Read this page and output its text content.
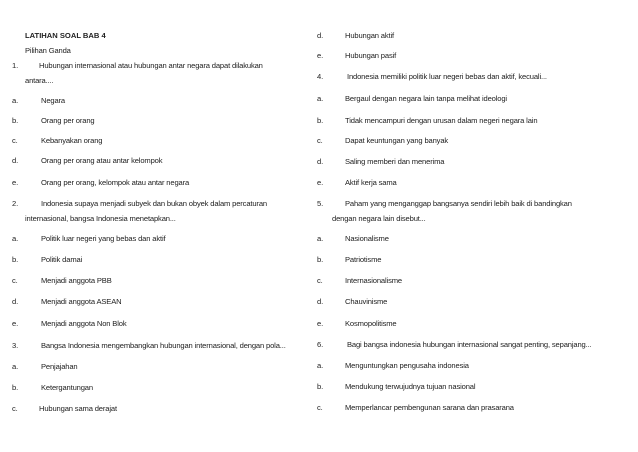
LATIHAN SOAL BAB 4
Pilihan Ganda
1.	Hubungan internasional atau hubungan antar negara dapat dilakukan
antara....
a.	Negara
b.	Orang per orang
c.	Kebanyakan orang
d.	Orang per orang atau antar kelompok
e.	Orang per orang, kelompok atau antar negara
2.	Indonesia supaya menjadi subyek dan bukan obyek dalam percaturan
internasional, bangsa Indonesia menetapkan...
a.	Politik luar negeri yang bebas dan aktif
b.	Politik damai
c.	Menjadi anggota PBB
d.	Menjadi anggota ASEAN
e.	Menjadi anggota Non Blok
3.	Bangsa Indonesia mengembangkan hubungan internasional, dengan pola...
a.	Penjajahan
b.	Ketergantungan
c.	Hubungan sama derajat
d.	Hubungan aktif
e.	Hubungan pasif
4.	Indonesia memiliki politik luar negeri bebas dan aktif, kecuali...
a.	Bergaul dengan negara lain tanpa melihat ideologi
b.	Tidak mencampuri dengan urusan dalam negeri negara lain
c.	Dapat keuntungan yang banyak
d.	Saling memberi dan menerima
e.	Aktif kerja sama
5.	Paham yang menganggap bangsanya sendiri lebih baik di bandingkan
dengan negara lain disebut...
a.	Nasionalisme
b.	Patriotisme
c.	Internasionalisme
d.	Chauvinisme
e.	Kosmopolitisme
6.	Bagi bangsa indonesia hubungan internasional sangat penting, sepanjang...
a.	Menguntungkan pengusaha indonesia
b.	Mendukung terwujudnya tujuan nasional
c.	Memperlancar pembengunan sarana dan prasarana
